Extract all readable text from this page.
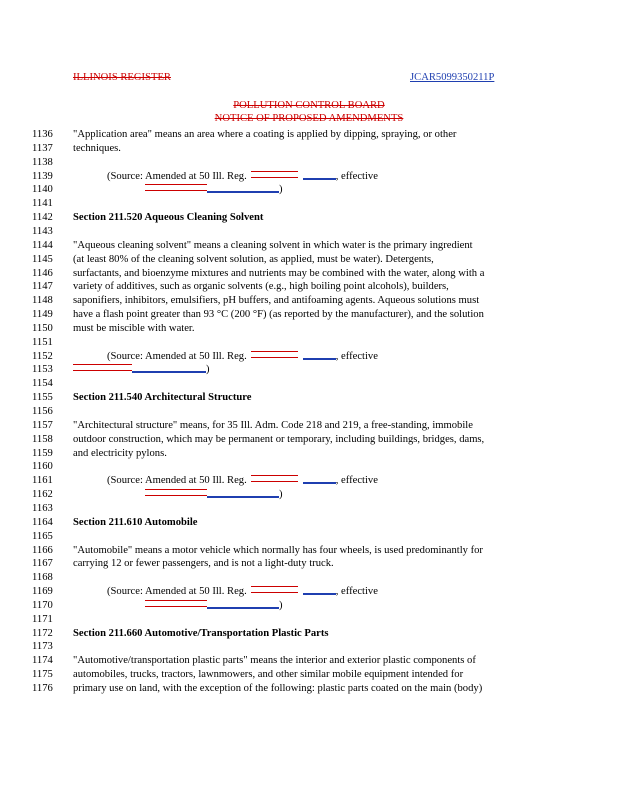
ILLINOIS REGISTER	JCAR5099350211P
POLLUTION CONTROL BOARD
NOTICE OF PROPOSED AMENDMENTS
1136	"Application area" means an area where a coating is applied by dipping, spraying, or other
1137	techniques.
1138
1139	(Source: Amended at 50 Ill. Reg.	, effective
1140	)
1141
1142	Section 211.520 Aqueous Cleaning Solvent
1143
1144	"Aqueous cleaning solvent" means a cleaning solvent in which water is the primary ingredient
1145	(at least 80% of the cleaning solvent solution, as applied, must be water). Detergents,
1146	surfactants, and bioenzyme mixtures and nutrients may be combined with the water, along with a
1147	variety of additives, such as organic solvents (e.g., high boiling point alcohols), builders,
1148	saponifiers, inhibitors, emulsifiers, pH buffers, and antifoaming agents. Aqueous solutions must
1149	have a flash point greater than 93 °C (200 °F) (as reported by the manufacturer), and the solution
1150	must be miscible with water.
1151
1152	(Source: Amended at 50 Ill. Reg.	, effective
1153	)
1154
1155	Section 211.540 Architectural Structure
1156
1157	"Architectural structure" means, for 35 Ill. Adm. Code 218 and 219, a free-standing, immobile
1158	outdoor construction, which may be permanent or temporary, including buildings, bridges, dams,
1159	and electricity pylons.
1160
1161	(Source: Amended at 50 Ill. Reg.	, effective
1162	)
1163
1164	Section 211.610 Automobile
1165
1166	"Automobile" means a motor vehicle which normally has four wheels, is used predominantly for
1167	carrying 12 or fewer passengers, and is not a light-duty truck.
1168
1169	(Source: Amended at 50 Ill. Reg.	, effective
1170	)
1171
1172	Section 211.660 Automotive/Transportation Plastic Parts
1173
1174	"Automotive/transportation plastic parts" means the interior and exterior plastic components of
1175	automobiles, trucks, tractors, lawnmowers, and other similar mobile equipment intended for
1176	primary use on land, with the exception of the following: plastic parts coated on the main (body)
